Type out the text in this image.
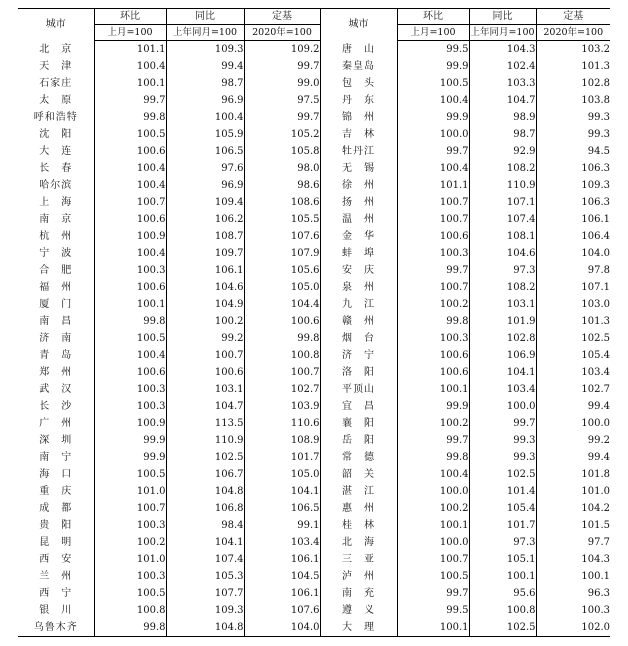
城市	环比	同比	定基	城市	环比	同比	定基
	上月=100	上年同月=100	2020年=100		上月=100	上年同月=100	2020年=100
北　京	101.1	109.3	109.2	唐　山	99.5	104.3	103.2
天　津	100.4	99.4	99.7	秦皇岛	99.9	102.4	101.3
石家庄	100.1	98.7	99.0	包　头	100.5	103.3	102.8
太　原	99.7	96.9	97.5	丹　东	100.4	104.7	103.8
呼和浩特	99.8	100.4	99.7	锦　州	99.9	98.9	99.3
沈　阳	100.5	105.9	105.2	吉　林	100.0	98.7	99.3
大　连	100.6	106.5	105.8	牡丹江	99.7	92.9	94.5
长　春	100.4	97.6	98.0	无　锡	100.4	108.2	106.3
哈尔滨	100.4	96.9	98.6	徐　州	101.1	110.9	109.3
上　海	100.7	109.4	108.6	扬　州	100.7	107.1	106.3
南　京	100.6	106.2	105.5	温　州	100.7	107.4	106.1
杭　州	100.9	108.7	107.6	金　华	100.6	108.1	106.4
宁　波	100.4	109.7	107.9	蚌　埠	100.3	104.6	104.0
合　肥	100.3	106.1	105.6	安　庆	99.7	97.3	97.8
福　州	100.6	104.6	105.0	泉　州	100.7	108.2	107.1
厦　门	100.1	104.9	104.4	九　江	100.2	103.1	103.0
南　昌	99.8	100.2	100.6	赣　州	99.8	101.9	101.3
济　南	100.5	99.2	99.8	烟　台	100.3	102.8	102.5
青　岛	100.4	100.7	100.8	济　宁	100.6	106.9	105.4
郑　州	100.6	100.6	100.7	洛　阳	100.6	104.1	103.4
武　汉	100.3	103.1	102.7	平顶山	100.1	103.4	102.7
长　沙	100.3	104.7	103.9	宜　昌	99.9	100.0	99.4
广　州	100.9	113.5	110.6	襄　阳	100.2	99.7	100.0
深　圳	99.9	110.9	108.9	岳　阳	99.7	99.3	99.2
南　宁	99.9	102.5	101.7	常　德	99.8	99.3	99.4
海　口	100.5	106.7	105.0	韶　关	100.4	102.5	101.8
重　庆	101.0	104.8	104.1	湛　江	100.0	101.4	101.0
成　都	100.7	106.8	106.5	惠　州	100.2	105.4	104.2
贵　阳	100.3	98.4	99.1	桂　林	100.1	101.7	101.5
昆　明	100.2	104.1	103.4	北　海	100.0	97.3	97.7
西　安	101.0	107.4	106.1	三　亚	100.7	105.1	104.3
兰　州	100.3	105.3	104.5	泸　州	100.5	100.1	100.1
西　宁	100.5	107.7	106.1	南　充	99.7	95.6	96.3
银　川	100.8	109.3	107.6	遵　义	99.5	100.8	100.3
乌鲁木齐	99.8	104.8	104.0	大　理	100.1	102.5	102.0
